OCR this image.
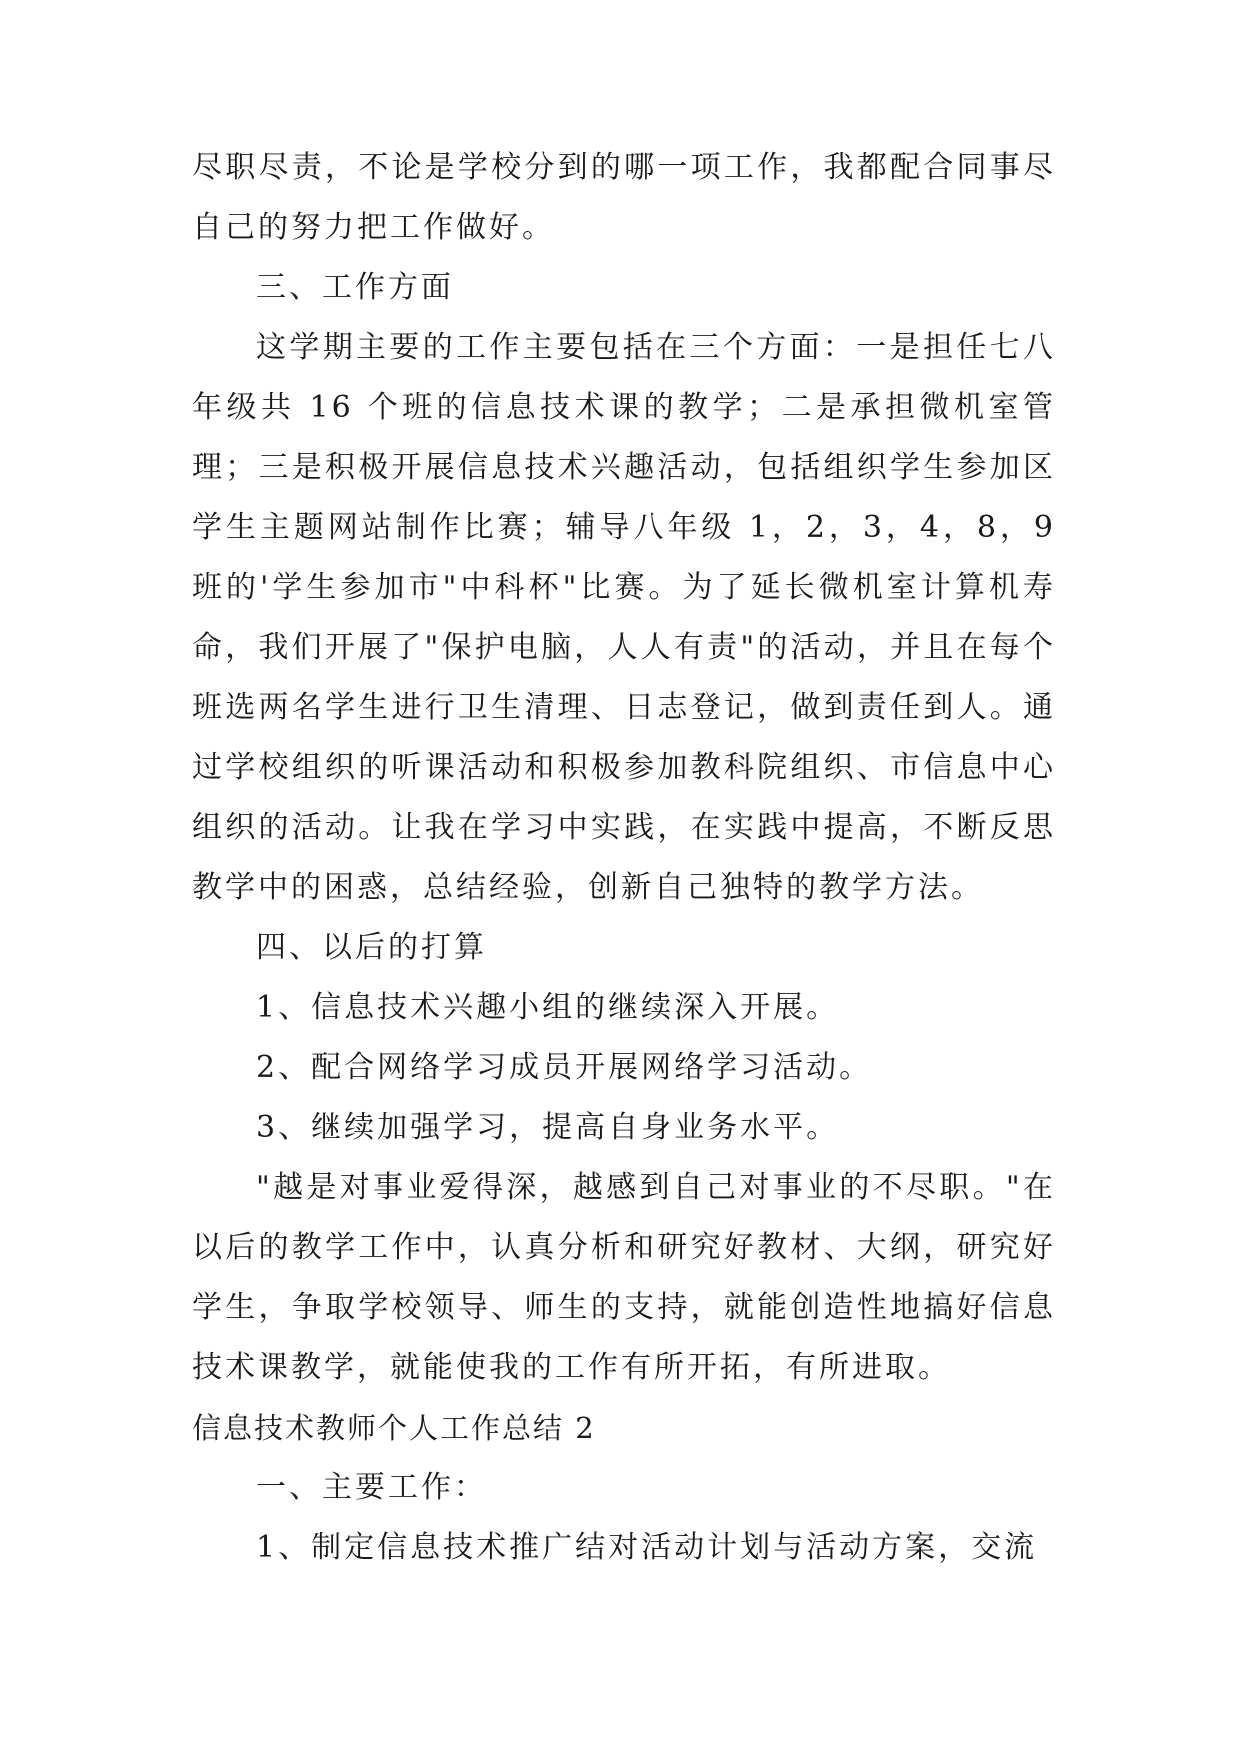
尽职尽责，不论是学校分到的哪一项工作，我都配合同事尽自己的努力把工作做好。

三、工作方面

这学期主要的工作主要包括在三个方面：一是担任七八年级共 16 个班的信息技术课的教学；二是承担微机室管理；三是积极开展信息技术兴趣活动，包括组织学生参加区学生主题网站制作比赛；辅导八年级 1，2，3，4，8，9 班的'学生参加市"中科杯"比赛。为了延长微机室计算机寿命，我们开展了"保护电脑，人人有责"的活动，并且在每个班选两名学生进行卫生清理、日志登记，做到责任到人。通过学校组织的听课活动和积极参加教科院组织、市信息中心组织的活动。让我在学习中实践，在实践中提高，不断反思教学中的困惑，总结经验，创新自己独特的教学方法。

四、以后的打算

1、信息技术兴趣小组的继续深入开展。

2、配合网络学习成员开展网络学习活动。

3、继续加强学习，提高自身业务水平。

"越是对事业爱得深，越感到自己对事业的不尽职。"在以后的教学工作中，认真分析和研究好教材、大纲，研究好学生，争取学校领导、师生的支持，就能创造性地搞好信息技术课教学，就能使我的工作有所开拓，有所进取。

信息技术教师个人工作总结 2

一、主要工作：

1、制定信息技术推广结对活动计划与活动方案，交流
